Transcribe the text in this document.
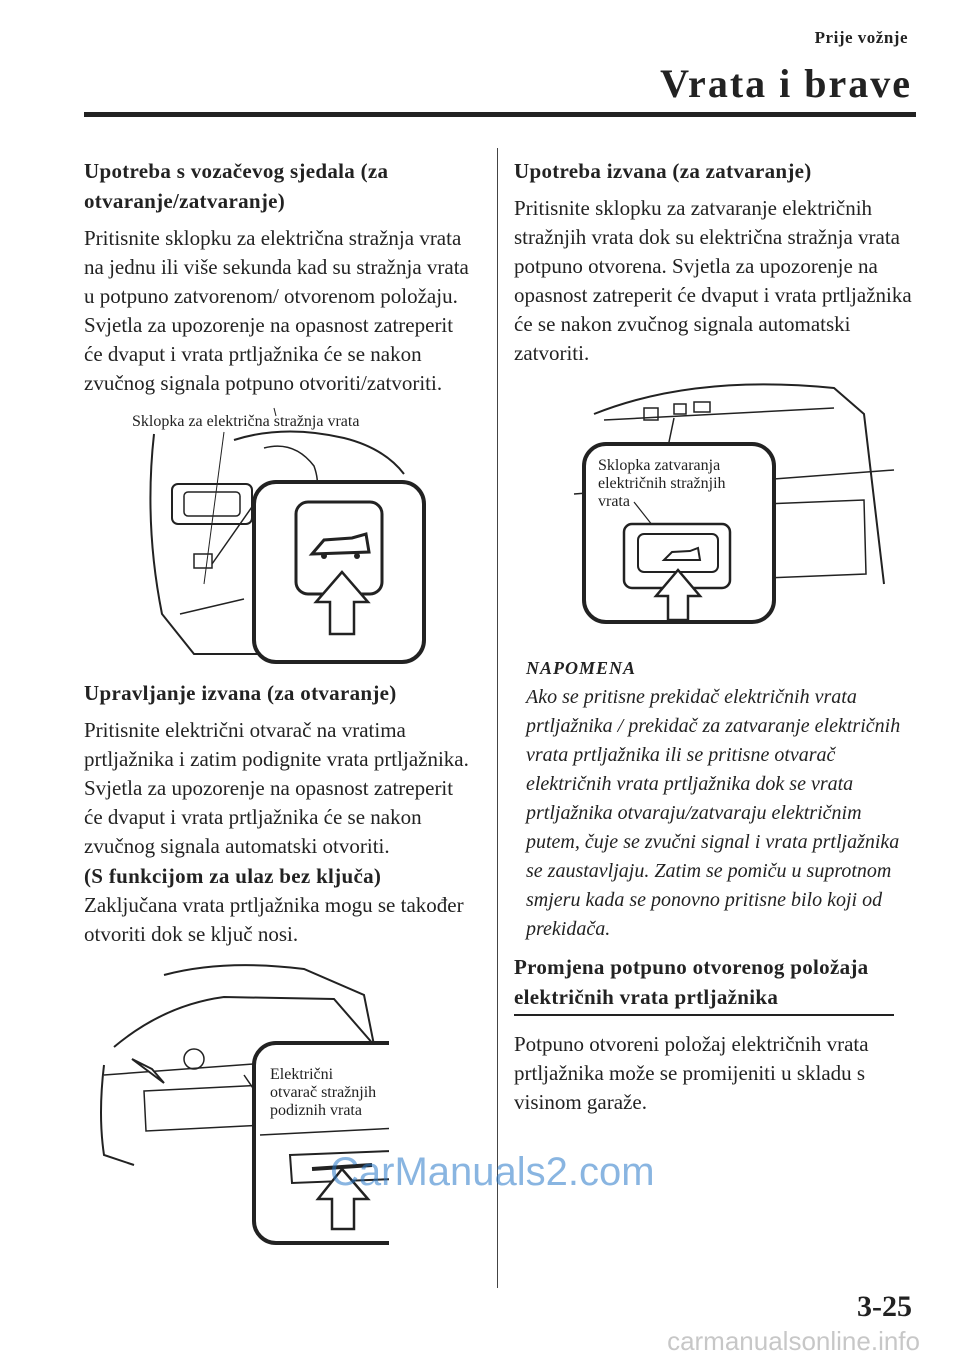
Prije vožnje
Vrata i brave
Upotreba s vozačevog sjedala (za otvaranje/zatvaranje)
Pritisnite sklopku za električna stražnja vrata na jednu ili više sekunda kad su stražnja vrata u potpuno zatvorenom/ otvorenom položaju. Svjetla za upozorenje na opasnost zatreperit će dvaput i vrata prtljažnika će se nakon zvučnog signala potpuno otvoriti/zatvoriti.
Sklopka za električna stražnja vrata
Upravljanje izvana (za otvaranje)
Pritisnite električni otvarač na vratima prtljažnika i zatim podignite vrata prtljažnika. Svjetla za upozorenje na opasnost zatreperit će dvaput i vrata prtljažnika će se nakon zvučnog signala automatski otvoriti.
(S funkcijom za ulaz bez ključa)
Zaključana vrata prtljažnika mogu se također otvoriti dok se ključ nosi.
Električni
otvarač stražnjih
podiznih vrata
Upotreba izvana (za zatvaranje)
Pritisnite sklopku za zatvaranje električnih stražnjih vrata dok su električna stražnja vrata potpuno otvorena. Svjetla za upozorenje na opasnost zatreperit će dvaput i vrata prtljažnika će se nakon zvučnog signala automatski zatvoriti.
Sklopka zatvaranja
električnih stražnjih
vrata
NAPOMENA
Ako se pritisne prekidač električnih vrata prtljažnika / prekidač za zatvaranje električnih vrata prtljažnika ili se pritisne otvarač električnih vrata prtljažnika dok se vrata prtljažnika otvaraju/zatvaraju električnim putem, čuje se zvučni signal i vrata prtljažnika se zaustavljaju. Zatim se pomiču u suprotnom smjeru kada se ponovno pritisne bilo koji od prekidača.
Promjena potpuno otvorenog položaja električnih vrata prtljažnika
Potpuno otvoreni položaj električnih vrata prtljažnika može se promijeniti u skladu s visinom garaže.
3-25
CarManuals2.com
carmanualsonline.info
